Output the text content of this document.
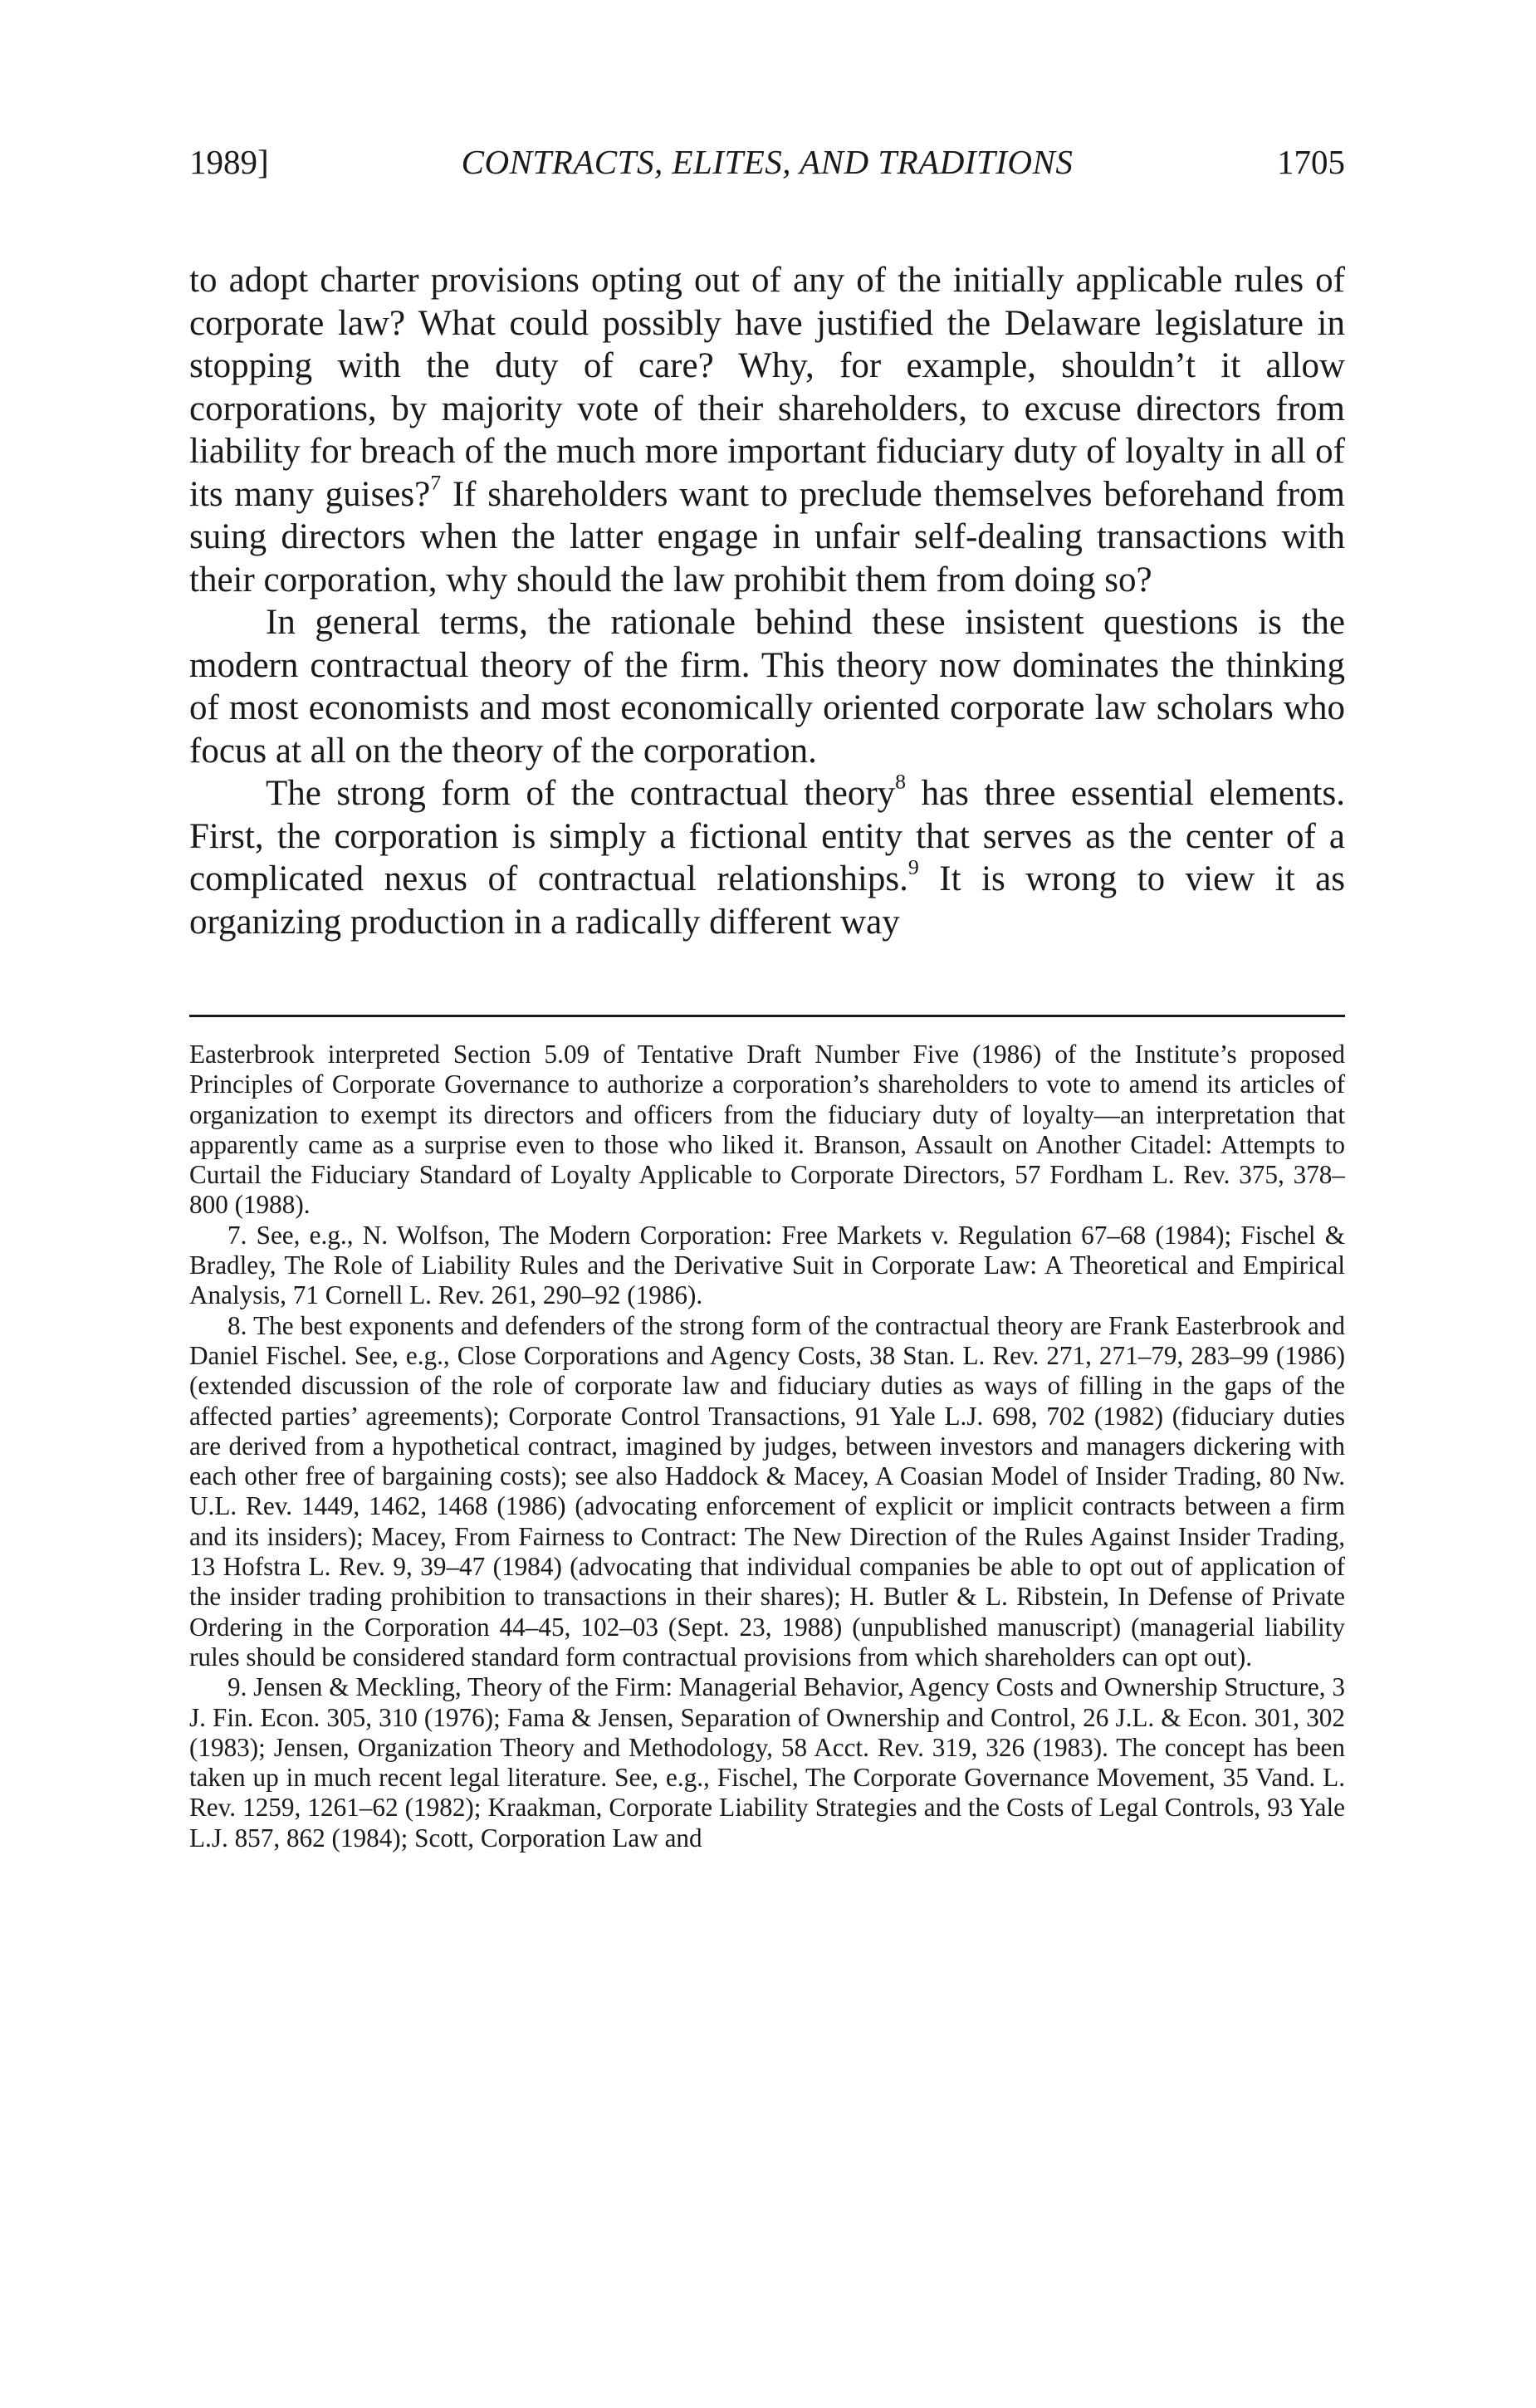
1989]	CONTRACTS, ELITES, AND TRADITIONS	1705

to adopt charter provisions opting out of any of the initially applicable rules of corporate law? What could possibly have justified the Delaware legislature in stopping with the duty of care? Why, for example, shouldn’t it allow corporations, by majority vote of their shareholders, to excuse directors from liability for breach of the much more important fiduciary duty of loyalty in all of its many guises?$^7$ If shareholders want to preclude themselves beforehand from suing directors when the latter engage in unfair self-dealing transactions with their corporation, why should the law prohibit them from doing so?

In general terms, the rationale behind these insistent questions is the modern contractual theory of the firm. This theory now dominates the thinking of most economists and most economically oriented corporate law scholars who focus at all on the theory of the corporation.

The strong form of the contractual theory$^8$ has three essential elements. First, the corporation is simply a fictional entity that serves as the center of a complicated nexus of contractual relationships.$^9$ It is wrong to view it as organizing production in a radically different way

Easterbrook interpreted Section 5.09 of Tentative Draft Number Five (1986) of the Institute’s proposed Principles of Corporate Governance to authorize a corporation’s shareholders to vote to amend its articles of organization to exempt its directors and officers from the fiduciary duty of loyalty—an interpretation that apparently came as a surprise even to those who liked it. Branson, Assault on Another Citadel: Attempts to Curtail the Fiduciary Standard of Loyalty Applicable to Corporate Directors, 57 Fordham L. Rev. 375, 378–800 (1988).

7. See, e.g., N. Wolfson, The Modern Corporation: Free Markets v. Regulation 67–68 (1984); Fischel & Bradley, The Role of Liability Rules and the Derivative Suit in Corporate Law: A Theoretical and Empirical Analysis, 71 Cornell L. Rev. 261, 290–92 (1986).

8. The best exponents and defenders of the strong form of the contractual theory are Frank Easterbrook and Daniel Fischel. See, e.g., Close Corporations and Agency Costs, 38 Stan. L. Rev. 271, 271–79, 283–99 (1986) (extended discussion of the role of corporate law and fiduciary duties as ways of filling in the gaps of the affected parties’ agreements); Corporate Control Transactions, 91 Yale L.J. 698, 702 (1982) (fiduciary duties are derived from a hypothetical contract, imagined by judges, between investors and managers dickering with each other free of bargaining costs); see also Haddock & Macey, A Coasian Model of Insider Trading, 80 Nw. U.L. Rev. 1449, 1462, 1468 (1986) (advocating enforcement of explicit or implicit contracts between a firm and its insiders); Macey, From Fairness to Contract: The New Direction of the Rules Against Insider Trading, 13 Hofstra L. Rev. 9, 39–47 (1984) (advocating that individual companies be able to opt out of application of the insider trading prohibition to transactions in their shares); H. Butler & L. Ribstein, In Defense of Private Ordering in the Corporation 44–45, 102–03 (Sept. 23, 1988) (unpublished manuscript) (managerial liability rules should be considered standard form contractual provisions from which shareholders can opt out).

9. Jensen & Meckling, Theory of the Firm: Managerial Behavior, Agency Costs and Ownership Structure, 3 J. Fin. Econ. 305, 310 (1976); Fama & Jensen, Separation of Ownership and Control, 26 J.L. & Econ. 301, 302 (1983); Jensen, Organization Theory and Methodology, 58 Acct. Rev. 319, 326 (1983). The concept has been taken up in much recent legal literature. See, e.g., Fischel, The Corporate Governance Movement, 35 Vand. L. Rev. 1259, 1261–62 (1982); Kraakman, Corporate Liability Strategies and the Costs of Legal Controls, 93 Yale L.J. 857, 862 (1984); Scott, Corporation Law and
